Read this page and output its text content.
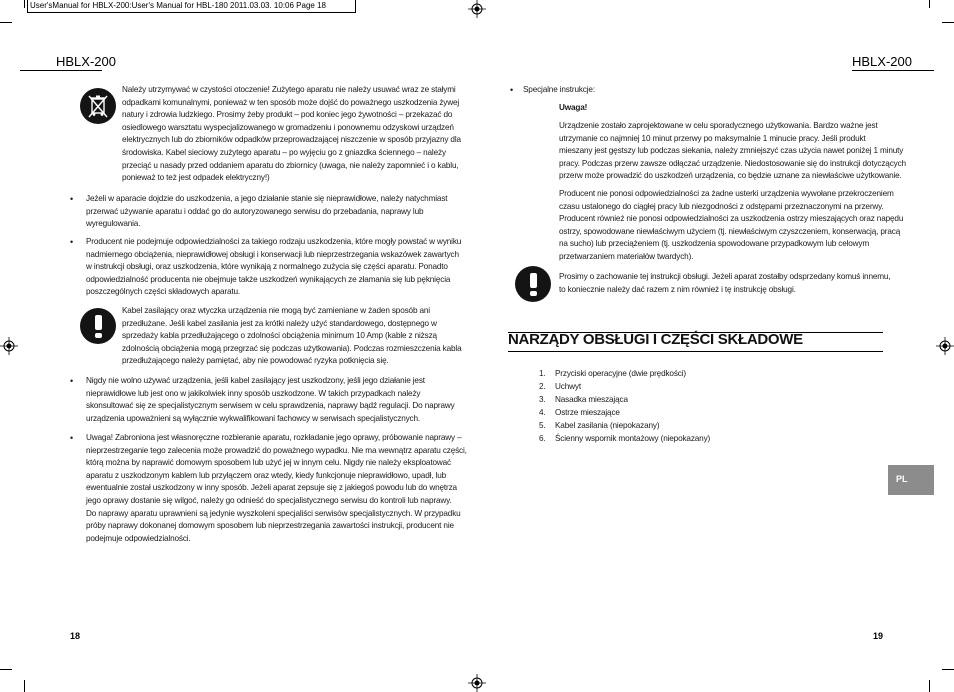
User'sManual for HBLX-200:User's Manual for HBL-180 2011.03.03. 10:06 Page 18
HBLX-200
Należy utrzymywać w czystości otoczenie! Zużytego aparatu nie należy usuwać wraz ze stałymi
odpadkami komunalnymi, ponieważ w ten sposób może dojść do poważnego uszkodzenia żywej
natury i zdrowia ludzkiego. Prosimy żeby produkt – pod koniec jego żywotności – przekazać do
osiedlowego warsztatu wyspecjalizowanego w gromadzeniu i ponownemu odzyskowi urządzeń
elektrycznych lub do zbiorników odpadków przeprowadzającej niszczenie w sposób przyjazny dla
środowiska. Kabel sieciowy zużytego aparatu – po wyjęciu go z gniazdka ściennego – należy
przeciąć u nasady przed oddaniem aparatu do zbiornicy (uwaga, nie należy zapomnieć i o kablu,
ponieważ to też jest odpadek elektryczny!)
• Jeżeli w aparacie dojdzie do uszkodzenia, a jego działanie stanie się nieprawidłowe, należy natychmiast
przerwać używanie aparatu i oddać go do autoryzowanego serwisu do przebadania, naprawy lub
wyregulowania.
• Producent nie podejmuje odpowiedzialności za takiego rodzaju uszkodzenia, które mogły powstać w wyniku
nadmiernego obciążenia, nieprawidłowej obsługi i konserwacji lub nieprzestrzegania wskazówek zawartych
w instrukcji obsługi, oraz uszkodzenia, które wynikają z normalnego zużycia się części aparatu. Ponadto
odpowiedzialność producenta nie obejmuje także uszkodzeń wynikających ze złamania się lub pęknięcia
poszczególnych części składowych aparatu.
Kabel zasilający oraz wtyczka urządzenia nie mogą być zamieniane w żaden sposób ani
przedłużane. Jeśli kabel zasilania jest za krótki należy użyć standardowego, dostępnego w
sprzedaży kabla przedłużającego o zdolności obciążenia minimum 10 Amp (kable z niższą
zdolnością obciążenia mogą przegrzać się podczas użytkowania). Podczas rozmieszczenia kabla
przedłużającego należy pamiętać, aby nie powodować ryzyka potknięcia się.
• Nigdy nie wolno używać urządzenia, jeśli kabel zasilający jest uszkodzony, jeśli jego działanie jest
nieprawidłowe lub jest ono w jakikolwiek inny sposób uszkodzone. W takich przypadkach należy
skonsultować się ze specjalistycznym serwisem w celu sprawdzenia, naprawy bądź regulacji. Do naprawy
urządzenia upoważnieni są wyłącznie wykwalifikowani fachowcy w serwisach specjalistycznych.
• Uwaga! Zabroniona jest własnoręczne rozbieranie aparatu, rozkładanie jego oprawy, próbowanie naprawy –
nieprzestrzeganie tego zalecenia może prowadzić do poważnego wypadku. Nie ma wewnątrz aparatu części,
którą można by naprawić domowym sposobem lub użyć jej w innym celu. Nigdy nie należy eksploatować
aparatu z uszkodzonym kablem lub przyłączem oraz wtedy, kiedy funkcjonuje nieprawidłowo, upadł, lub
ewentualnie został uszkodzony w inny sposób. Jeżeli aparat zepsuje się z jakiegoś powodu lub do wnętrza
jego oprawy dostanie się wilgoć, należy go odnieść do specjalistycznego serwisu do kontroli lub naprawy.
Do naprawy aparatu uprawnieni są jedynie wyszkoleni specjaliści serwisów specjalistycznych. W przypadku
próby naprawy dokonanej domowym sposobem lub nieprzestrzegania zawartości instrukcji, producent nie
podejmuje odpowiedzialności.
18
HBLX-200
• Specjalne instrukcje:
Uwaga!
Urządzenie zostało zaprojektowane w celu sporadycznego użytkowania. Bardzo ważne jest
utrzymanie co najmniej 10 minut przerwy po maksymalnie 1 minucie pracy. Jeśli produkt
mieszany jest gęstszy lub podczas siekania, należy zmniejszyć czas użycia nawet poniżej 1 minuty
pracy. Podczas przerw zawsze odłączać urządzenie. Niedostosowanie się do instrukcji dotyczących
przerw może prowadzić do uszkodzeń urządzenia, co będzie uznane za niewłaściwe użytkowanie.
Producent nie ponosi odpowiedzialności za żadne usterki urządzenia wywołane przekroczeniem
czasu ustalonego do ciągłej pracy lub niezgodności z odstępami przeznaczonymi na przerwy.
Producent również nie ponosi odpowiedzialności za uszkodzenia ostrzy mieszających oraz napędu
ostrzy, spowodowane niewłaściwym użyciem (tj. niewłaściwym czyszczeniem, konserwacją, pracą
na sucho) lub przeciążeniem (tj. uszkodzenia spowodowane przypadkowym lub celowym
przetwarzaniem materiałów twardych).
Prosimy o zachowanie tej instrukcji obsługi. Jeżeli aparat zostałby odsprzedany komuś innemu,
to koniecznie należy dać razem z nim również i tę instrukcję obsługi.
NARZĄDY OBSŁUGI I CZĘŚCI SKŁADOWE
1. Przyciski operacyjne (dwie prędkości)
2. Uchwyt
3. Nasadka mieszająca
4. Ostrze mieszające
5. Kabel zasilania (niepokazany)
6. Ścienny wspornik montażowy (niepokazany)
PL
19
